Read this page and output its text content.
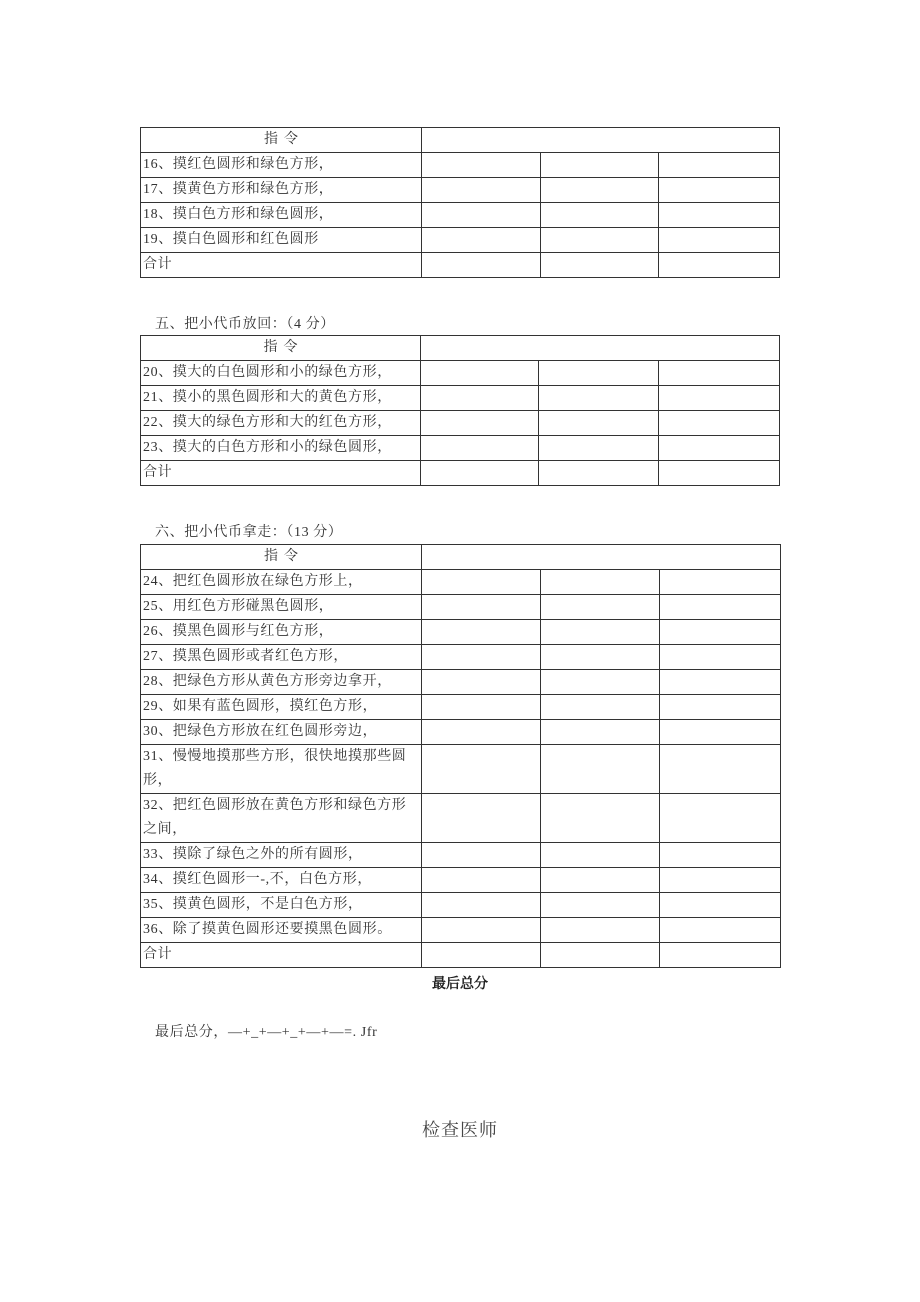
指令			
16、摸红色圆形和绿色方形，			
17、摸黄色方形和绿色方形，			
18、摸白色方形和绿色圆形，			
19、摸白色圆形和红色圆形			
合计			
五、把小代币放回：（4 分）
指令			
20、摸大的白色圆形和小的绿色方形，			
21、摸小的黑色圆形和大的黄色方形，			
22、摸大的绿色方形和大的红色方形，			
23、摸大的白色方形和小的绿色圆形，			
合计			
六、把小代币拿走：（13 分）
指令			
24、把红色圆形放在绿色方形上，			
25、用红色方形碰黑色圆形，			
26、摸黑色圆形与红色方形，			
27、摸黑色圆形或者红色方形，			
28、把绿色方形从黄色方形旁边拿开，			
29、如果有蓝色圆形，摸红色方形，			
30、把绿色方形放在红色圆形旁边，			
31、慢慢地摸那些方形，很快地摸那些圆形，			
32、把红色圆形放在黄色方形和绿色方形之间，			
33、摸除了绿色之外的所有圆形，			
34、摸红色圆形一-,不，白色方形，			
35、摸黄色圆形，不是白色方形，			
36、除了摸黄色圆形还要摸黑色圆形。			
合计			
最后总分
最后总分，—+_+—+_+—+—=. Jfr
检查医师
